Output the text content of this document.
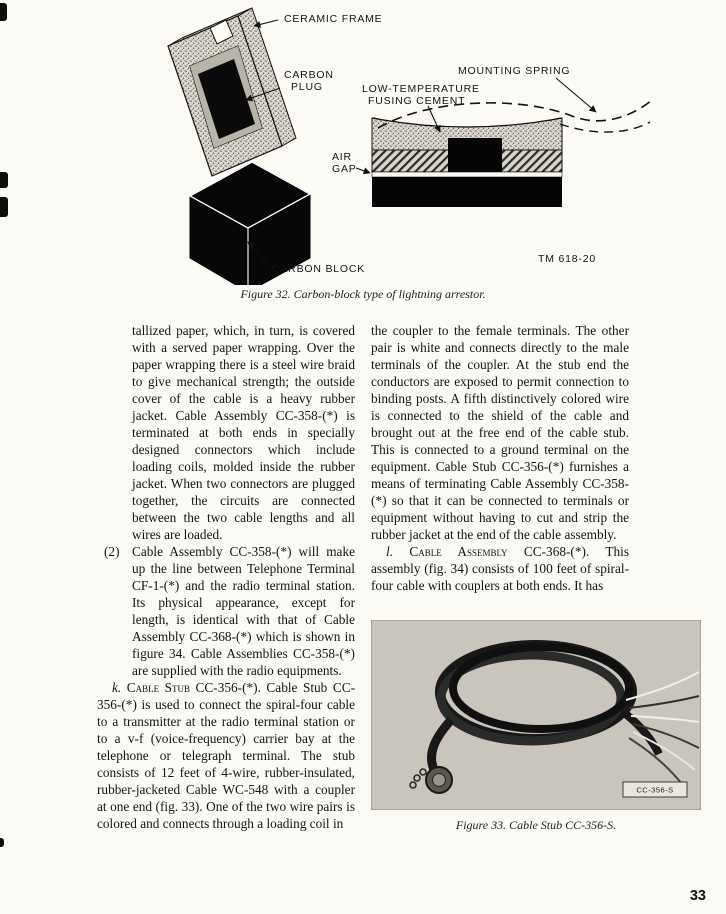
CERAMIC FRAME
CARBON
PLUG	LOW-TEMPERATURE
FUSING CEMENT
MOUNTING SPRING
AIR
GAP
CARBON BLOCK
TM 618-20
Figure 32. Carbon-block type of lightning arrestor.
tallized paper, which, in turn, is covered with a served paper wrapping. Over the paper wrapping there is a steel wire braid to give mechanical strength; the outside cover of the cable is a heavy rubber jacket. Cable Assembly CC-358-(*) is terminated at both ends in specially designed connectors which include loading coils, molded inside the rubber jacket. When two connectors are plugged together, the circuits are connected between the two cable lengths and all wires are loaded.
(2) Cable Assembly CC-358-(*) will make up the line between Telephone Terminal CF-1-(*) and the radio terminal station. Its physical appearance, except for length, is identical with that of Cable Assembly CC-368-(*) which is shown in figure 34. Cable Assemblies CC-358-(*) are supplied with the radio equipments.

k. Cable Stub CC-356-(*). Cable Stub CC-356-(*) is used to connect the spiral-four cable to a transmitter at the radio terminal station or to a v-f (voice-frequency) carrier bay at the telephone or telegraph terminal. The stub consists of 12 feet of 4-wire, rubber-insulated, rubber-jacketed Cable WC-548 with a coupler at one end (fig. 33). One of the two wire pairs is colored and connects through a loading coil in

the coupler to the female terminals. The other pair is white and connects directly to the male terminals of the coupler. At the stub end the conductors are exposed to permit connection to binding posts. A fifth distinctively colored wire is connected to the shield of the cable and brought out at the free end of the cable stub. This is connected to a ground terminal on the equipment. Cable Stub CC-356-(*) furnishes a means of terminating Cable Assembly CC-358-(*) so that it can be connected to terminals or equipment without having to cut and strip the rubber jacket at the end of the cable assembly.

l. Cable Assembly CC-368-(*). This assembly (fig. 34) consists of 100 feet of spiral-four cable with couplers at both ends. It has

CC-356-S
Figure 33. Cable Stub CC-356-S.
33
